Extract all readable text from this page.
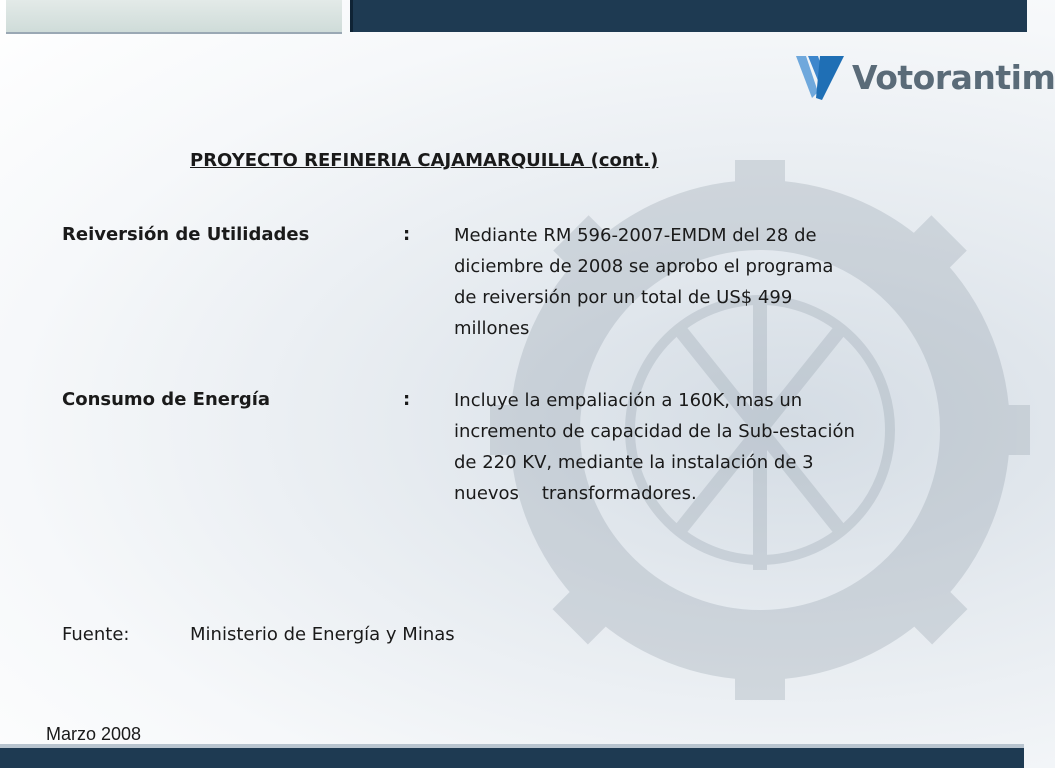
Votorantim
PROYECTO REFINERIA CAJAMARQUILLA (cont.)
Reiversión de Utilidades	: Mediante RM 596-2007-EMDM del 28 de
diciembre de 2008 se aprobo el programa
de reiversión por un total de US$ 499
millones
Consumo de Energía	: Incluye la empaliación a 160K, mas un
incremento de capacidad de la Sub-estación
de 220 KV, mediante la instalación de 3
nuevos    transformadores.
Fuente:	Ministerio de Energía y Minas
Marzo 2008
